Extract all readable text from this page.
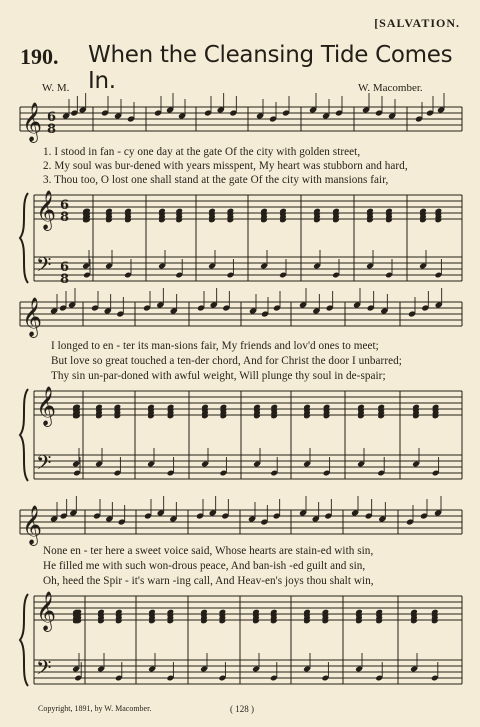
[SALVATION.
190. When the Cleansing Tide Comes In.
W. M.	W. Macomber.
𝄞 6
8
𝄞
𝄢
6
8
6
8
𝄞
𝄞
𝄢
𝄞
𝄞
𝄢
1. I stood in fan - cy one day at the gate Of the city with golden street,
2. My soul was bur-dened with years misspent, My heart was stubborn and hard,
3. Thou too, O lost one shall stand at the gate Of the city with mansions fair,
I longed to en - ter its man-sions fair, My friends and lov'd ones to meet;
But love so great touched a ten-der chord, And for Christ the door I unbarred;
Thy sin un-par-doned with awful weight, Will plunge thy soul in de-spair;
None en - ter here a sweet voice said, Whose hearts are stain-ed with sin,
He filled me with such won-drous peace, And ban-ish -ed guilt and sin,
Oh, heed the Spir - it's warn -ing call, And Heav-en's joys thou shalt win,
Copyright, 1891, by W. Macomber.	( 128 )
